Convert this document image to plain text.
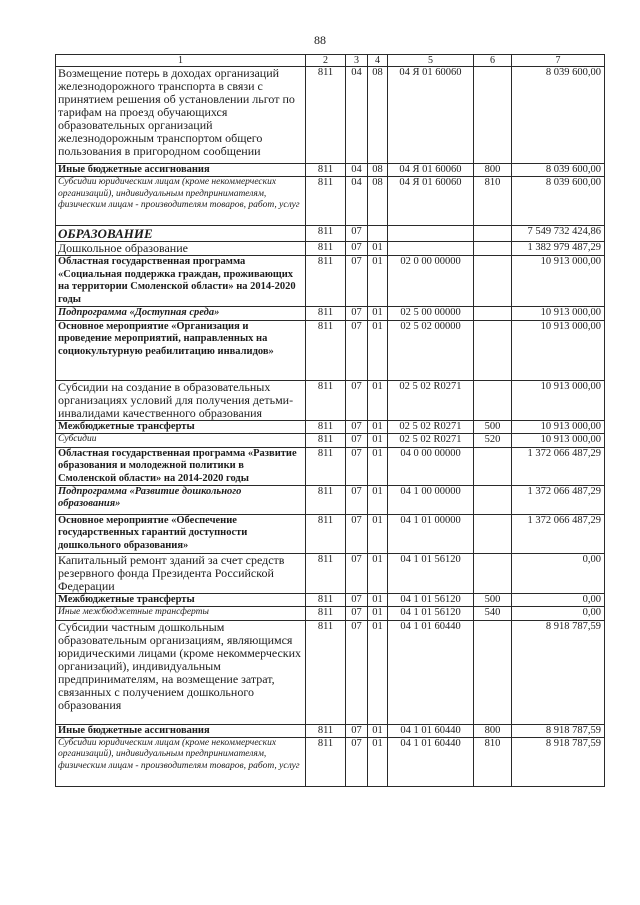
88
1	2	3	4	5	6	7
Возмещение потерь в доходах организаций железнодорожного транспорта в связи с принятием решения об установлении льгот по тарифам на проезд обучающихся образовательных организаций железнодорожным транспортом общего пользования в пригородном сообщении	811	04	08	04 Я 01 60060		8 039 600,00
Иные бюджетные ассигнования	811	04	08	04 Я 01 60060	800	8 039 600,00
Субсидии юридическим лицам (кроме некоммерческих организаций), индивидуальным предпринимателям, физическим лицам - производителям товаров, работ, услуг	811	04	08	04 Я 01 60060	810	8 039 600,00
ОБРАЗОВАНИЕ	811	07				7 549 732 424,86
Дошкольное образование	811	07	01			1 382 979 487,29
Областная государственная программа «Социальная поддержка граждан, проживающих на территории Смоленской области» на 2014-2020 годы	811	07	01	02 0 00 00000		10 913 000,00
Подпрограмма «Доступная среда»	811	07	01	02 5 00 00000		10 913 000,00
Основное мероприятие «Организация и проведение мероприятий, направленных на социокультурную реабилитацию инвалидов»	811	07	01	02 5 02 00000		10 913 000,00
Субсидии на создание в образовательных организациях условий для получения детьми-инвалидами качественного образования	811	07	01	02 5 02 R0271		10 913 000,00
Межбюджетные трансферты	811	07	01	02 5 02 R0271	500	10 913 000,00
Субсидии	811	07	01	02 5 02 R0271	520	10 913 000,00
Областная государственная программа «Развитие образования и молодежной политики в Смоленской области» на 2014-2020 годы	811	07	01	04 0 00 00000		1 372 066 487,29
Подпрограмма «Развитие дошкольного образования»	811	07	01	04 1 00 00000		1 372 066 487,29
Основное мероприятие «Обеспечение государственных гарантий доступности дошкольного образования»	811	07	01	04 1 01 00000		1 372 066 487,29
Капитальный ремонт зданий за счет средств резервного фонда Президента Российской Федерации	811	07	01	04 1 01 56120		0,00
Межбюджетные трансферты	811	07	01	04 1 01 56120	500	0,00
Иные межбюджетные трансферты	811	07	01	04 1 01 56120	540	0,00
Субсидии частным дошкольным образовательным организациям, являющимся юридическими лицами (кроме некоммерческих организаций), индивидуальным предпринимателям, на возмещение затрат, связанных с получением дошкольного образования	811	07	01	04 1 01 60440		8 918 787,59
Иные бюджетные ассигнования	811	07	01	04 1 01 60440	800	8 918 787,59
Субсидии юридическим лицам (кроме некоммерческих организаций), индивидуальным предпринимателям, физическим лицам - производителям товаров, работ, услуг	811	07	01	04 1 01 60440	810	8 918 787,59
